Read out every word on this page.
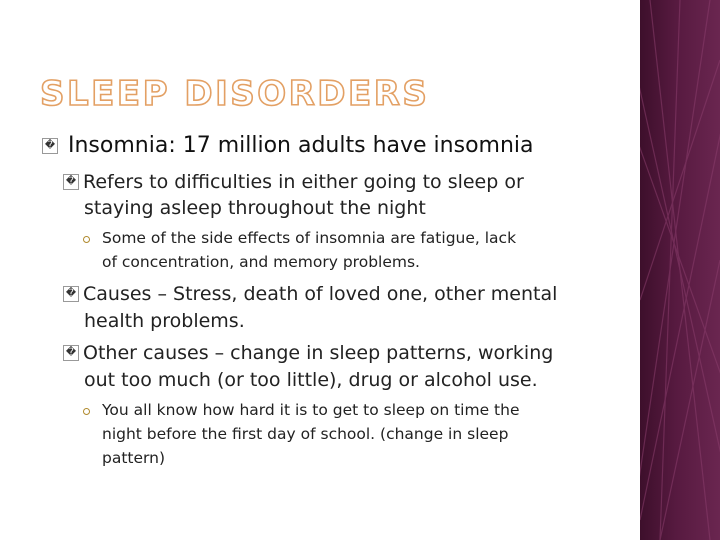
SLEEP DISORDERS
� Insomnia: 17 million adults have insomnia
� Refers to difficulties in either going to sleep or
staying asleep throughout the night
Some of the side effects of insomnia are fatigue, lack
of concentration, and memory problems.
� Causes – Stress, death of loved one, other mental
health problems.
� Other causes – change in sleep patterns, working
out too much (or too little), drug or alcohol use.
You all know how hard it is to get to sleep on time the
night before the first day of school. (change in sleep
pattern)
